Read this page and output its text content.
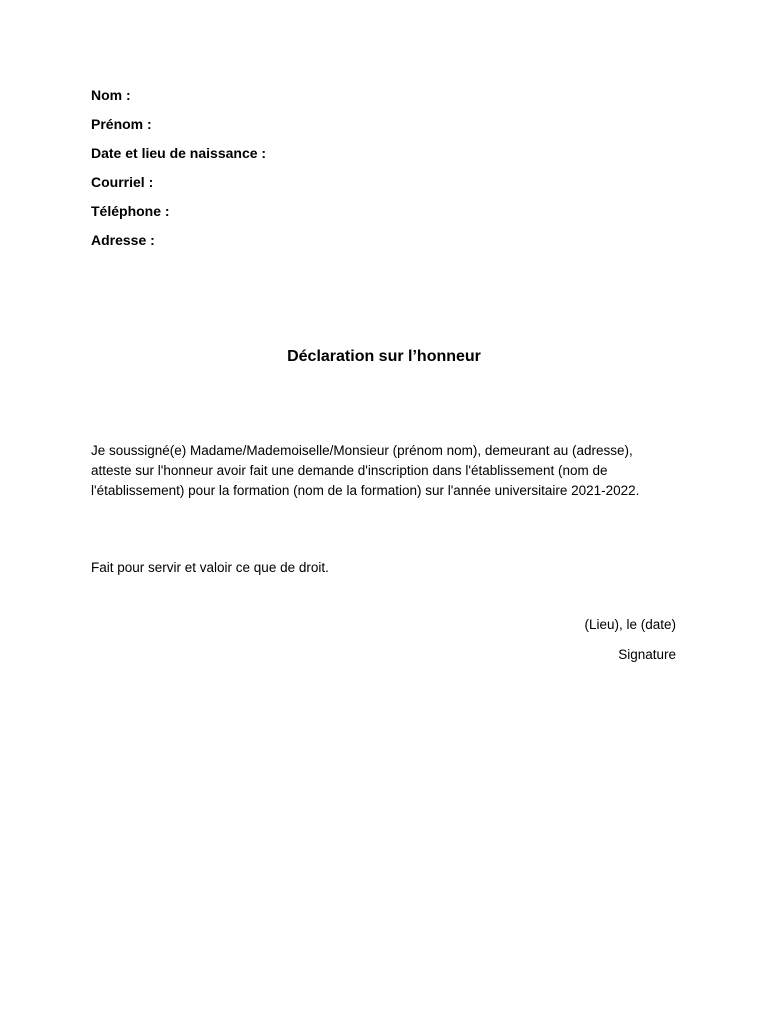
Nom :
Prénom :
Date et lieu de naissance :
Courriel :
Téléphone :
Adresse :
Déclaration sur l’honneur
Je soussigné(e) Madame/Mademoiselle/Monsieur (prénom nom), demeurant au (adresse), atteste sur l'honneur avoir fait une demande d'inscription dans l'établissement (nom de l'établissement) pour la formation (nom de la formation) sur l'année universitaire 2021-2022.
Fait pour servir et valoir ce que de droit.
(Lieu), le (date)
Signature
